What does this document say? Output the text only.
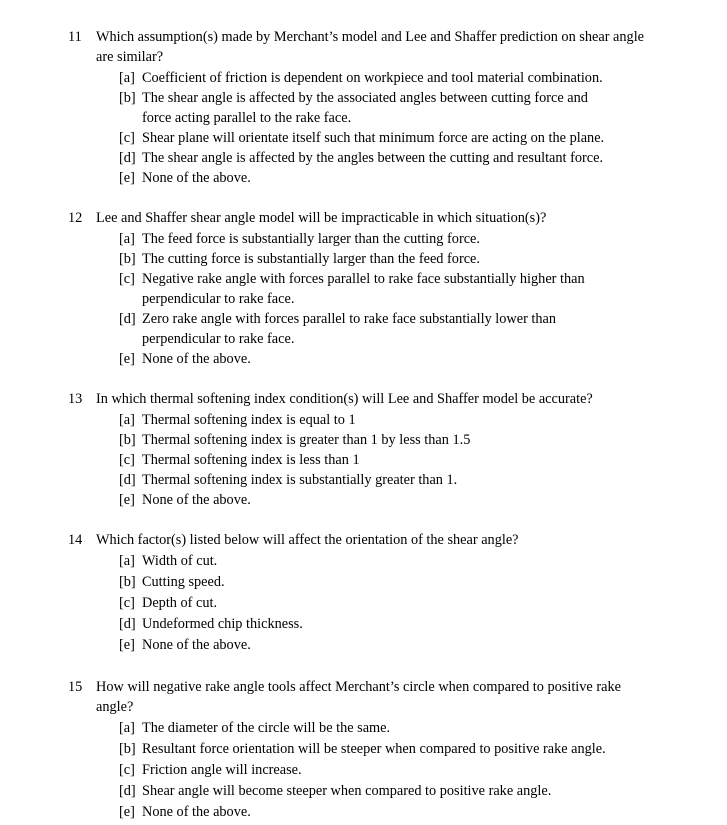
11 Which assumption(s) made by Merchant’s model and Lee and Shaffer prediction on shear angle are similar?
[a] Coefficient of friction is dependent on workpiece and tool material combination.
[b] The shear angle is affected by the associated angles between cutting force and
force acting parallel to the rake face.
[c] Shear plane will orientate itself such that minimum force are acting on the plane.
[d] The shear angle is affected by the angles between the cutting and resultant force.
[e] None of the above.
12 Lee and Shaffer shear angle model will be impracticable in which situation(s)?
[a] The feed force is substantially larger than the cutting force.
[b] The cutting force is substantially larger than the feed force.
[c] Negative rake angle with forces parallel to rake face substantially higher than
perpendicular to rake face.
[d] Zero rake angle with forces parallel to rake face substantially lower than
perpendicular to rake face.
[e] None of the above.
13 In which thermal softening index condition(s) will Lee and Shaffer model be accurate?
[a] Thermal softening index is equal to 1
[b] Thermal softening index is greater than 1 by less than 1.5
[c] Thermal softening index is less than 1
[d] Thermal softening index is substantially greater than 1.
[e] None of the above.
14 Which factor(s) listed below will affect the orientation of the shear angle?
[a] Width of cut.
[b] Cutting speed.
[c] Depth of cut.
[d] Undeformed chip thickness.
[e] None of the above.
15 How will negative rake angle tools affect Merchant’s circle when compared to positive rake angle?
[a] The diameter of the circle will be the same.
[b] Resultant force orientation will be steeper when compared to positive rake angle.
[c] Friction angle will increase.
[d] Shear angle will become steeper when compared to positive rake angle.
[e] None of the above.
